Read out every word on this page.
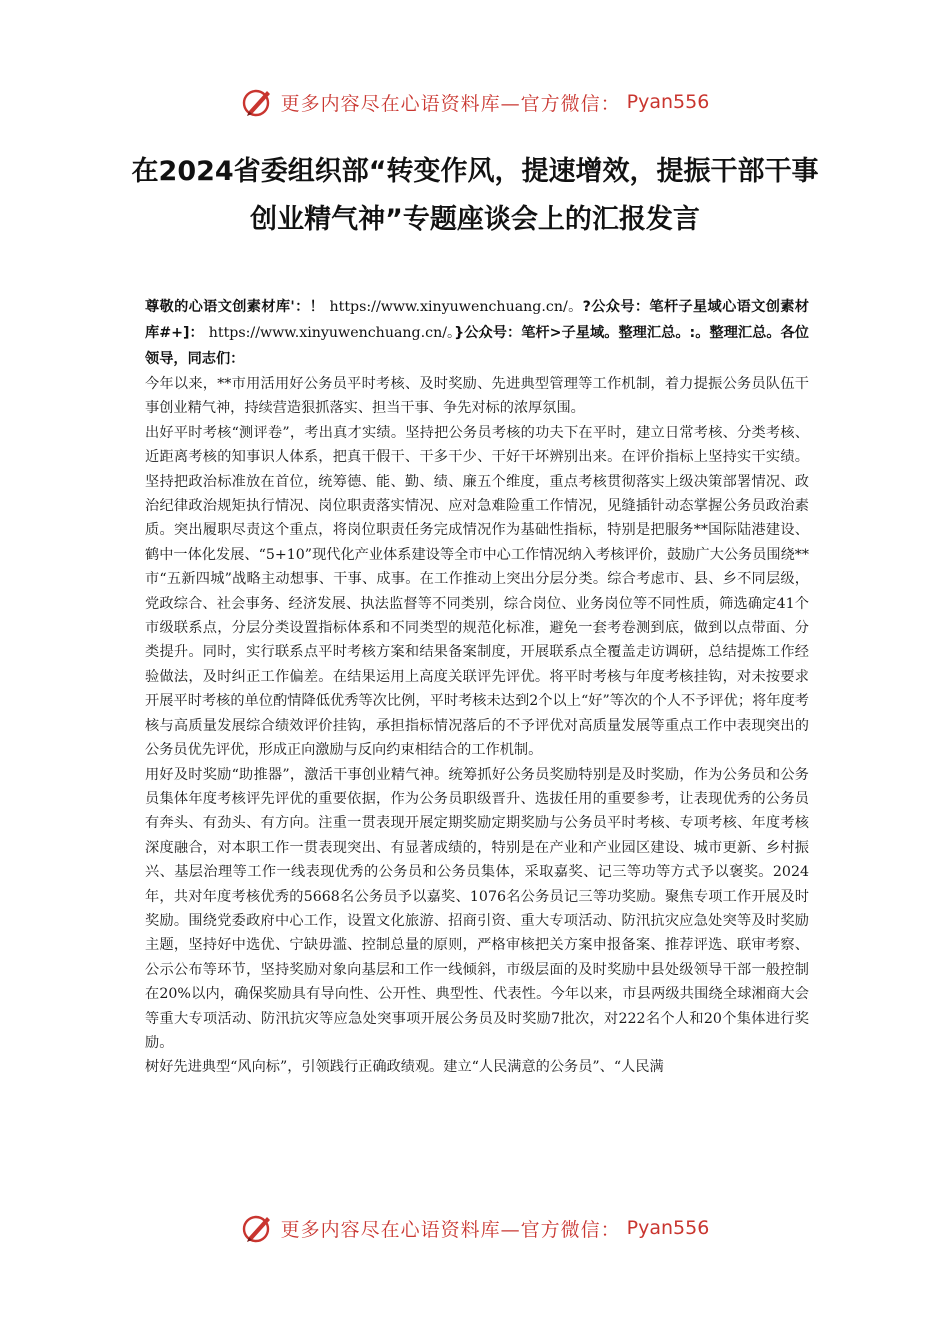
更多内容尽在心语资料库—官方微信： Pyan556
在2024省委组织部“转变作风，提速增效，提振干部干事创业精气神”专题座谈会上的汇报发言

尊敬的心语文创素材库'：！ https://www.xinyuwenchuang.cn/。?公众号：笔杆子星域心语文创素材库#+]： https://www.xinyuwenchuang.cn/。}公众号：笔杆>子星域。整理汇总。:。整理汇总。各位领导，同志们：

今年以来，**市用活用好公务员平时考核、及时奖励、先进典型管理等工作机制，着力提振公务员队伍干事创业精气神，持续营造狠抓落实、担当干事、争先对标的浓厚氛围。

出好平时考核“测评卷”，考出真才实绩。坚持把公务员考核的功夫下在平时，建立日常考核、分类考核、近距离考核的知事识人体系，把真干假干、干多干少、干好干坏辨别出来。在评价指标上坚持实干实绩。坚持把政治标准放在首位，统筹德、能、勤、绩、廉五个维度，重点考核贯彻落实上级决策部署情况、政治纪律政治规矩执行情况、岗位职责落实情况、应对急难险重工作情况，见缝插针动态掌握公务员政治素质。突出履职尽责这个重点，将岗位职责任务完成情况作为基础性指标，特别是把服务**国际陆港建设、鹤中一体化发展、“5+10”现代化产业体系建设等全市中心工作情况纳入考核评价，鼓励广大公务员围绕**市“五新四城”战略主动想事、干事、成事。在工作推动上突出分层分类。综合考虑市、县、乡不同层级，党政综合、社会事务、经济发展、执法监督等不同类别，综合岗位、业务岗位等不同性质，筛选确定41个市级联系点，分层分类设置指标体系和不同类型的规范化标准，避免一套考卷测到底，做到以点带面、分类提升。同时，实行联系点平时考核方案和结果备案制度，开展联系点全覆盖走访调研，总结提炼工作经验做法，及时纠正工作偏差。在结果运用上高度关联评先评优。将平时考核与年度考核挂钩，对未按要求开展平时考核的单位酌情降低优秀等次比例，平时考核未达到2个以上“好”等次的个人不予评优；将年度考核与高质量发展综合绩效评价挂钩，承担指标情况落后的不予评优对高质量发展等重点工作中表现突出的公务员优先评优，形成正向激励与反向约束相结合的工作机制。

用好及时奖励“助推器”，激活干事创业精气神。统筹抓好公务员奖励特别是及时奖励，作为公务员和公务员集体年度考核评先评优的重要依据，作为公务员职级晋升、选拔任用的重要参考，让表现优秀的公务员有奔头、有劲头、有方向。注重一贯表现开展定期奖励定期奖励与公务员平时考核、专项考核、年度考核深度融合，对本职工作一贯表现突出、有显著成绩的，特别是在产业和产业园区建设、城市更新、乡村振兴、基层治理等工作一线表现优秀的公务员和公务员集体，采取嘉奖、记三等功等方式予以褒奖。2024年，共对年度考核优秀的5668名公务员予以嘉奖、1076名公务员记三等功奖励。聚焦专项工作开展及时奖励。围绕党委政府中心工作，设置文化旅游、招商引资、重大专项活动、防汛抗灾应急处突等及时奖励主题，坚持好中选优、宁缺毋滥、控制总量的原则，严格审核把关方案申报备案、推荐评选、联审考察、公示公布等环节，坚持奖励对象向基层和工作一线倾斜，市级层面的及时奖励中县处级领导干部一般控制在20%以内，确保奖励具有导向性、公开性、典型性、代表性。今年以来，市县两级共围绕全球湘商大会等重大专项活动、防汛抗灾等应急处突事项开展公务员及时奖励7批次，对222名个人和20个集体进行奖励。

树好先进典型“风向标”，引领践行正确政绩观。建立“人民满意的公务员”、“人民满

更多内容尽在心语资料库—官方微信： Pyan556
